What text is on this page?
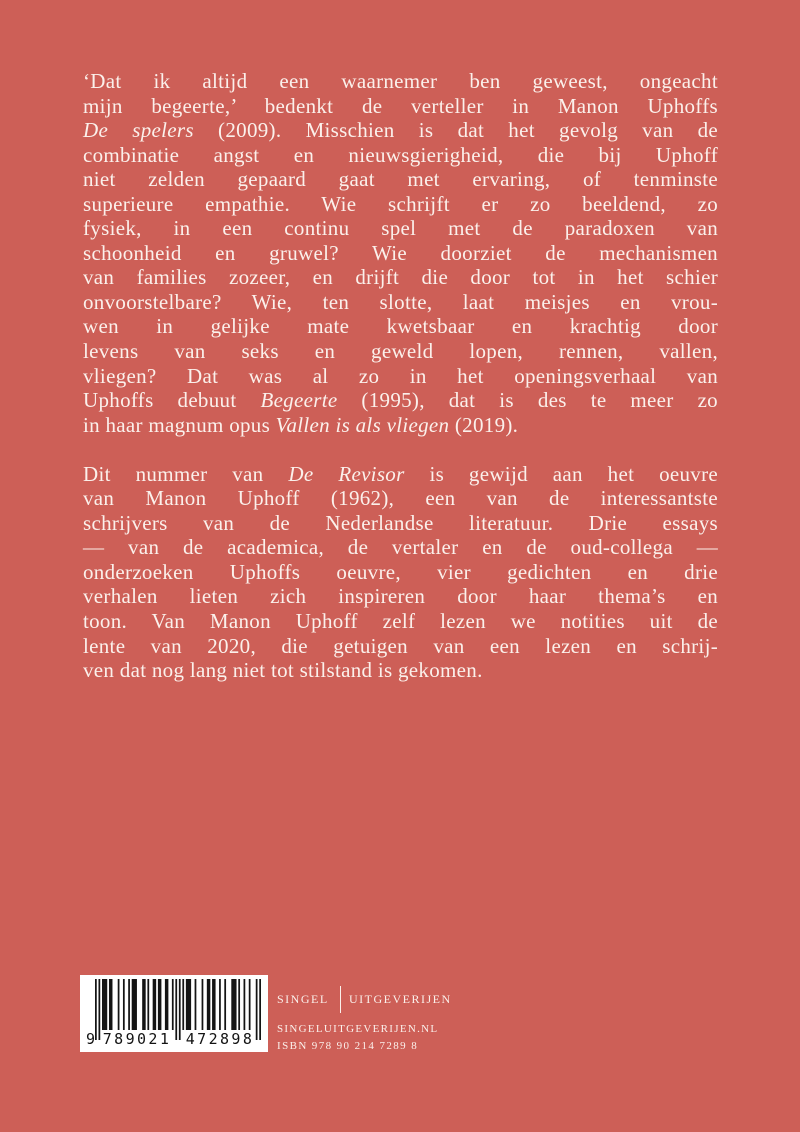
‘Dat ik altijd een waarnemer ben geweest, ongeacht
mijn begeerte,’ bedenkt de verteller in Manon Uphoffs
De spelers (2009). Misschien is dat het gevolg van de
combinatie angst en nieuwsgierigheid, die bij Uphoff
niet zelden gepaard gaat met ervaring, of tenminste
superieure empathie. Wie schrijft er zo beeldend, zo
fysiek, in een continu spel met de paradoxen van
schoonheid en gruwel? Wie doorziet de mechanismen
van families zozeer, en drijft die door tot in het schier
onvoorstelbare? Wie, ten slotte, laat meisjes en vrou-
wen in gelijke mate kwetsbaar en krachtig door
levens van seks en geweld lopen, rennen, vallen,
vliegen? Dat was al zo in het openingsverhaal van
Uphoffs debuut Begeerte (1995), dat is des te meer zo
in haar magnum opus Vallen is als vliegen (2019).
Dit nummer van De Revisor is gewijd aan het oeuvre
van Manon Uphoff (1962), een van de interessantste
schrijvers van de Nederlandse literatuur. Drie essays
— van de academica, de vertaler en de oud-collega —
onderzoeken Uphoffs oeuvre, vier gedichten en drie
verhalen lieten zich inspireren door haar thema’s en
toon. Van Manon Uphoff zelf lezen we notities uit de
lente van 2020, die getuigen van een lezen en schrij-
ven dat nog lang niet tot stilstand is gekomen.
9 789021 472898
SINGEL UITGEVERIJEN
SINGELUITGEVERIJEN.NL
ISBN 978 90 214 7289 8
